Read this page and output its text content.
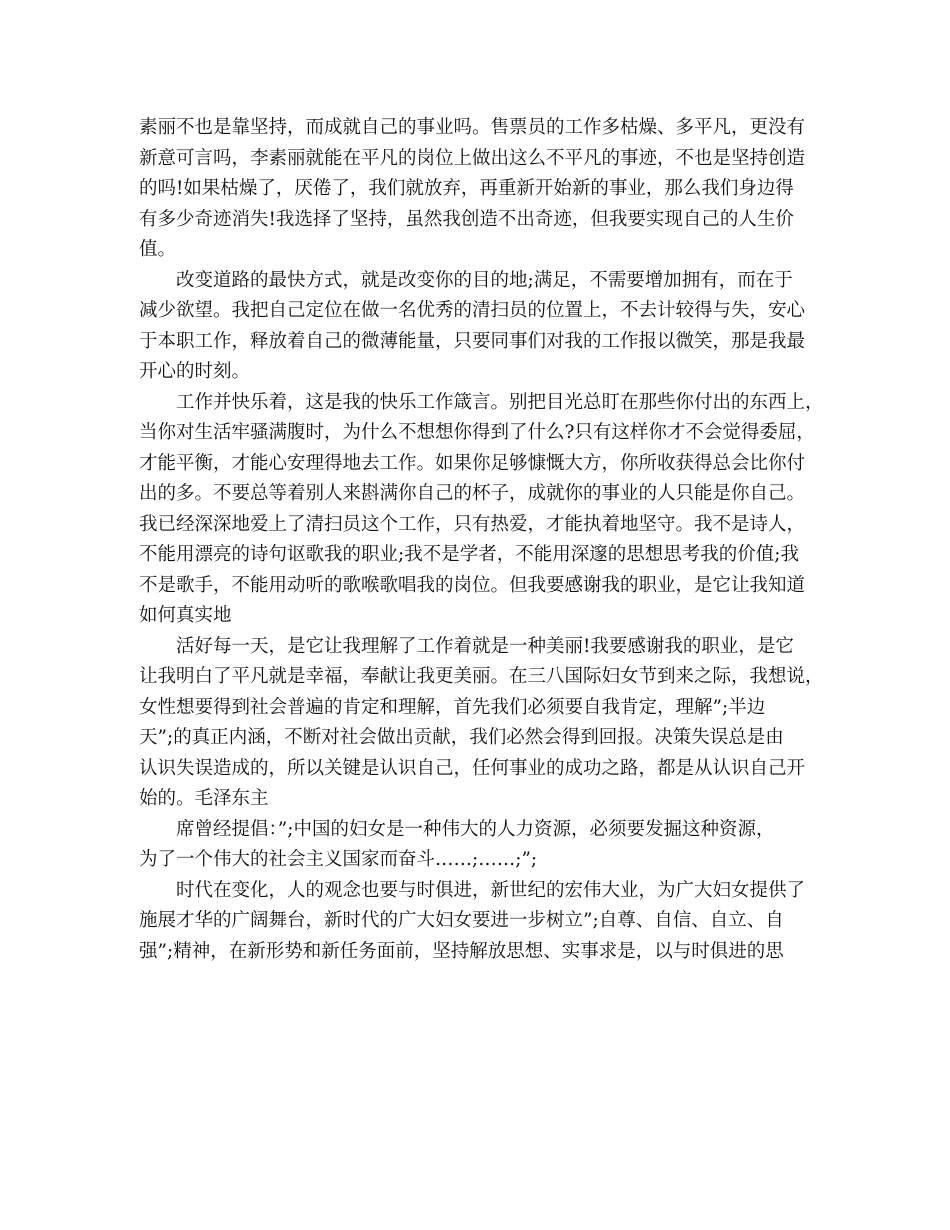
素丽不也是靠坚持，而成就自己的事业吗。售票员的工作多枯燥、多平凡，更没有
新意可言吗，李素丽就能在平凡的岗位上做出这么不平凡的事迹，不也是坚持创造
的吗!如果枯燥了，厌倦了，我们就放弃，再重新开始新的事业，那么我们身边得
有多少奇迹消失!我选择了坚持，虽然我创造不出奇迹，但我要实现自己的人生价
值。
改变道路的最快方式，就是改变你的目的地;满足，不需要增加拥有，而在于
减少欲望。我把自己定位在做一名优秀的清扫员的位置上，不去计较得与失，安心
于本职工作，释放着自己的微薄能量，只要同事们对我的工作报以微笑，那是我最
开心的时刻。
工作并快乐着，这是我的快乐工作箴言。别把目光总盯在那些你付出的东西上，
当你对生活牢骚满腹时，为什么不想想你得到了什么?只有这样你才不会觉得委屈，
才能平衡，才能心安理得地去工作。如果你足够慷慨大方，你所收获得总会比你付
出的多。不要总等着别人来斟满你自己的杯子，成就你的事业的人只能是你自己。
我已经深深地爱上了清扫员这个工作，只有热爱，才能执着地坚守。我不是诗人，
不能用漂亮的诗句讴歌我的职业;我不是学者，不能用深邃的思想思考我的价值;我
不是歌手，不能用动听的歌喉歌唱我的岗位。但我要感谢我的职业，是它让我知道
如何真实地
活好每一天，是它让我理解了工作着就是一种美丽!我要感谢我的职业，是它
让我明白了平凡就是幸福，奉献让我更美丽。在三八国际妇女节到来之际，我想说，
女性想要得到社会普遍的肯定和理解，首先我们必须要自我肯定，理解”;半边
天”;的真正内涵，不断对社会做出贡献，我们必然会得到回报。决策失误总是由
认识失误造成的，所以关键是认识自己，任何事业的成功之路，都是从认识自己开
始的。毛泽东主
席曾经提倡：”;中国的妇女是一种伟大的人力资源，必须要发掘这种资源，
为了一个伟大的社会主义国家而奋斗……;……;”;
时代在变化，人的观念也要与时俱进，新世纪的宏伟大业，为广大妇女提供了
施展才华的广阔舞台，新时代的广大妇女要进一步树立”;自尊、自信、自立、自
强”;精神，在新形势和新任务面前，坚持解放思想、实事求是，以与时俱进的思
